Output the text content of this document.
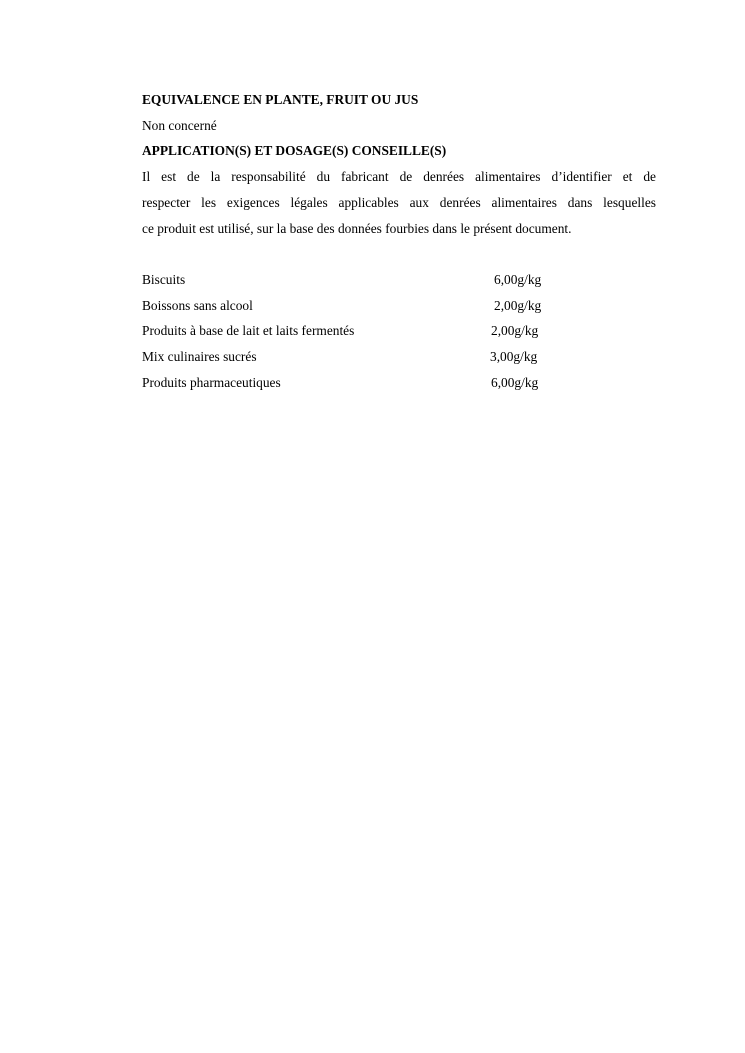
EQUIVALENCE EN PLANTE, FRUIT OU JUS
Non concerné
APPLICATION(S) ET DOSAGE(S) CONSEILLE(S)
Il est de la responsabilité du fabricant de denrées alimentaires d’identifier et de
respecter les exigences légales applicables aux denrées alimentaires dans lesquelles
ce produit est utilisé, sur la base des données fourbies dans le présent document.
Biscuits	6,00g/kg
Boissons sans alcool	2,00g/kg
Produits à base de lait et laits fermentés	2,00g/kg
Mix culinaires sucrés	3,00g/kg
Produits pharmaceutiques	6,00g/kg
